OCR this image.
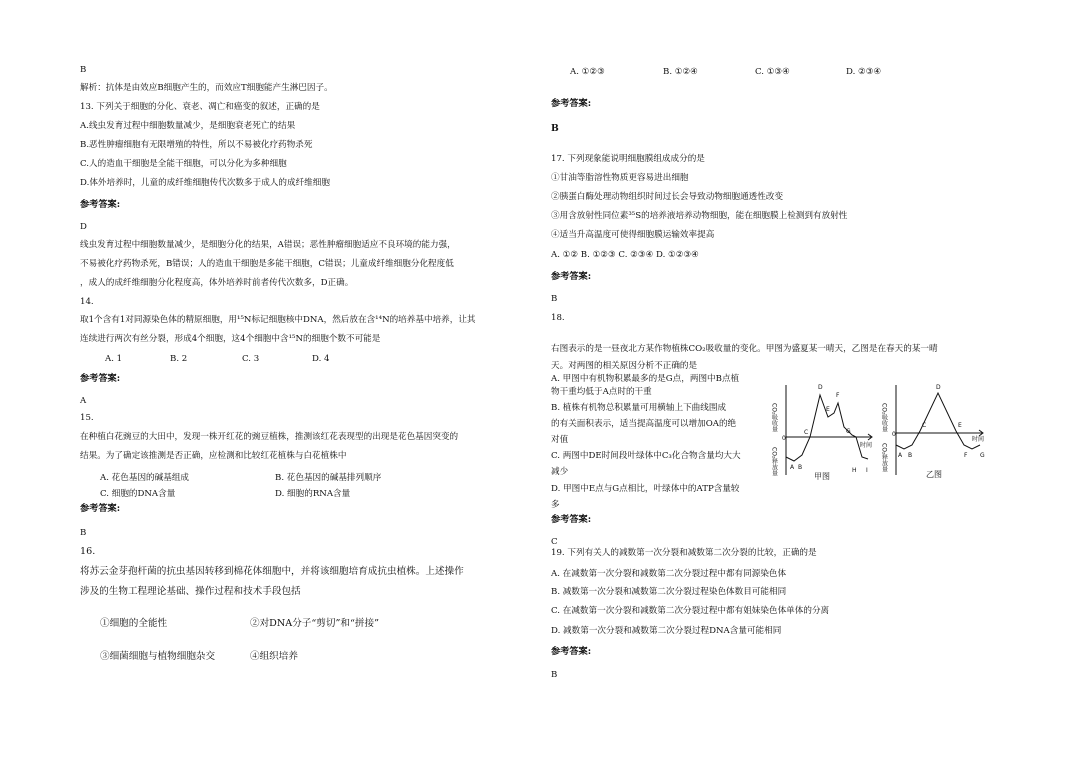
B
解析：抗体是由效应B细胞产生的，而效应T细胞能产生淋巴因子。
13. 下列关于细胞的分化、衰老、凋亡和癌变的叙述，正确的是
A.线虫发育过程中细胞数量减少，是细胞衰老死亡的结果
B.恶性肿瘤细胞有无限增殖的特性，所以不易被化疗药物杀死
C.人的造血干细胞是全能干细胞，可以分化为多种细胞
D.体外培养时，儿童的成纤维细胞传代次数多于成人的成纤维细胞
参考答案:
D
线虫发育过程中细胞数量减少，是细胞分化的结果，A错误；恶性肿瘤细胞适应不良环境的能力强，
不易被化疗药物杀死，B错误；人的造血干细胞是多能干细胞，C错误；儿童成纤维细胞分化程度低
，成人的成纤维细胞分化程度高，体外培养时前者传代次数多，D正确。
14.
取1个含有1对同源染色体的精原细胞，用¹⁵N标记细胞核中DNA，然后放在含¹⁴N的培养基中培养，让其
连续进行两次有丝分裂，形成4个细胞，这4个细胞中含¹⁵N的细胞个数不可能是
A. 1	B. 2	C. 3	D. 4
参考答案:
A
15.
在种植白花豌豆的大田中，发现一株开红花的豌豆植株，推测该红花表现型的出现是花色基因突变的
结果。为了确定该推测是否正确，应检测和比较红花植株与白花植株中
A. 花色基因的碱基组成	B. 花色基因的碱基排列顺序
C. 细胞的DNA含量	D. 细胞的RNA含量
参考答案:
B
16.
将苏云金芽孢杆菌的抗虫基因转移到棉花体细胞中，并将该细胞培育成抗虫植株。上述操作
涉及的生物工程理论基础、操作过程和技术手段包括
①细胞的全能性	②对DNA分子“剪切”和“拼接”
③细菌细胞与植物细胞杂交	④组织培养
A. ①②③	B. ①②④	C. ①③④	D. ②③④
参考答案:
B
17. 下列现象能说明细胞膜组成成分的是
①甘油等脂溶性物质更容易进出细胞
②胰蛋白酶处理动物组织时间过长会导致动物细胞通透性改变
③用含放射性同位素³⁵S的培养液培养动物细胞，能在细胞膜上检测到有放射性
④适当升高温度可使得细胞膜运输效率提高
A. ①② B. ①②③ C. ②③④ D. ①②③④
参考答案:
B
18.
右图表示的是一昼夜北方某作物植株CO₂吸收量的变化。甲图为盛夏某一晴天，乙图是在春天的某一晴
天。对两图的相关原因分析不正确的是
A. 甲图中有机物积累最多的是G点，两图中B点植
物干重均低于A点时的干重
B. 植株有机物总积累量可用横轴上下曲线围成
的有关面积表示，适当提高温度可以增加OA的绝
对值
C. 两图中DE时间段叶绿体中C₃化合物含量均大大
减少
D. 甲图中E点与G点相比，叶绿体中的ATP含量较
多
参考答案:
C
CO₂吸收量
CO₂释放量
0
时间
A B
C
D
E
F
G
H I
甲图
CO₂吸收量
CO₂释放量
0
时间
A B
C
D
E
F G
乙图
19. 下列有关人的减数第一次分裂和减数第二次分裂的比较，正确的是
A. 在减数第一次分裂和减数第二次分裂过程中都有同源染色体
B. 减数第一次分裂和减数第二次分裂过程染色体数目可能相同
C. 在减数第一次分裂和减数第二次分裂过程中都有姐妹染色体单体的分离
D. 减数第一次分裂和减数第二次分裂过程DNA含量可能相同
参考答案:
B
